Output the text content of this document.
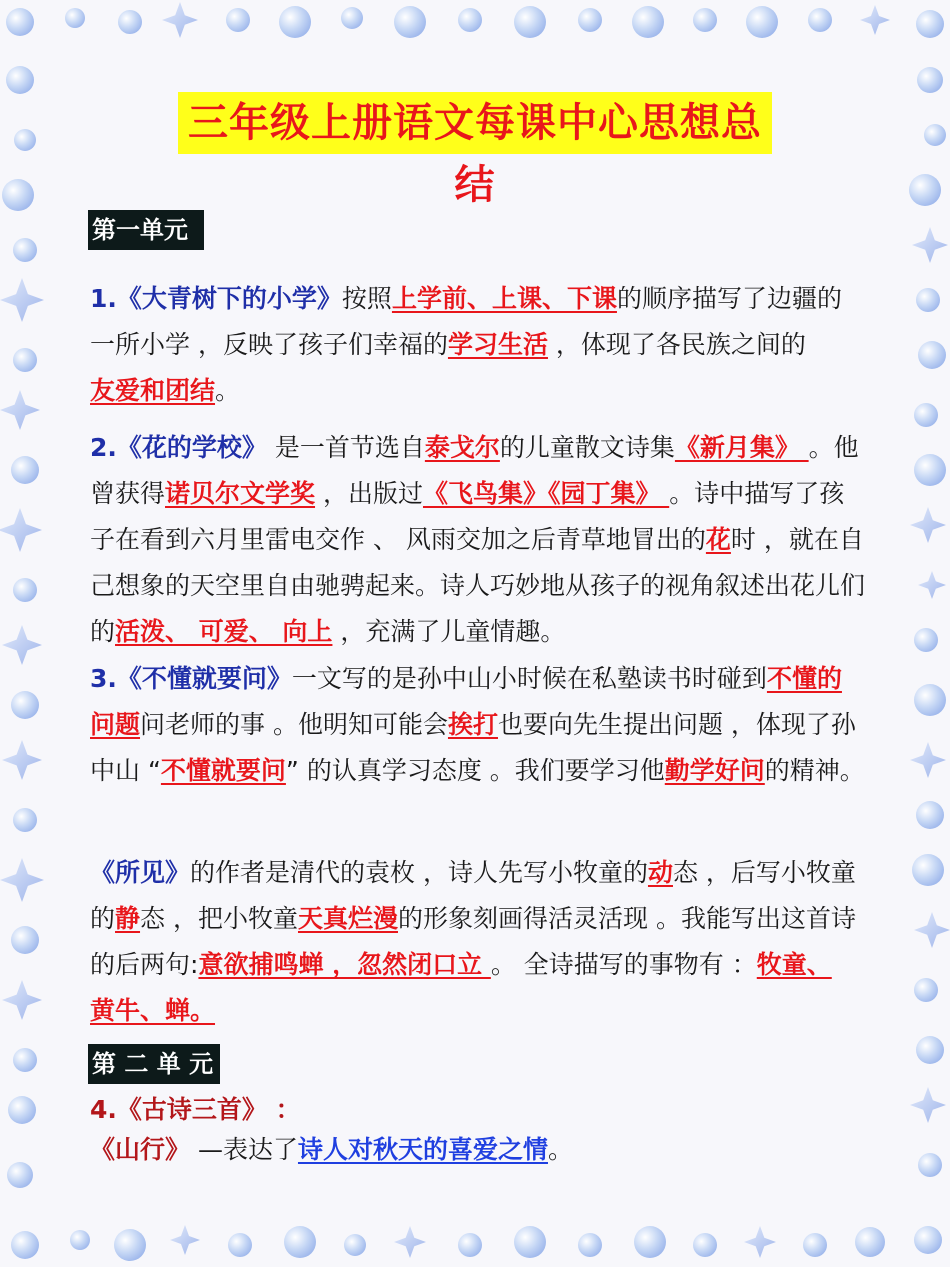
三年级上册语文每课中心思想总结
第一单元
1.《大青树下的小学》按照上学前、上课、下课的顺序描写了边疆的一所小学 ，反映了孩子们幸福的学习生活 ，体现了各民族之间的
友爱和团结。
2.《花的学校》 是一首节选自泰戈尔的儿童散文诗集《新月集》 。他曾获得诺贝尔文学奖 ，出版过《飞鸟集》《园丁集》 。诗中描写了孩子在看到六月里雷电交作 、 风雨交加之后青草地冒出的花时 ，就在自己想象的天空里自由驰骋起来。诗人巧妙地从孩子的视角叙述出花儿们的活泼、 可爱、 向上 ，充满了儿童情趣。
3.《不懂就要问》一文写的是孙中山小时候在私塾读书时碰到不懂的问题问老师的事 。他明知可能会挨打也要向先生提出问题 ，体现了孙中山 “不懂就要问” 的认真学习态度 。我们要学习他勤学好问的精神。
《所见》的作者是清代的袁枚 ，诗人先写小牧童的动态 ，后写小牧童的静态 ，把小牧童天真烂漫的形象刻画得活灵活现 。我能写出这首诗的后两句:意欲捕鸣蝉 ，忽然闭口立 。 全诗描写的事物有 ：牧童、 黄牛、蝉。
第 二 单 元
4.《古诗三首》 ：
《山行》 —表达了诗人对秋天的喜爱之情。
